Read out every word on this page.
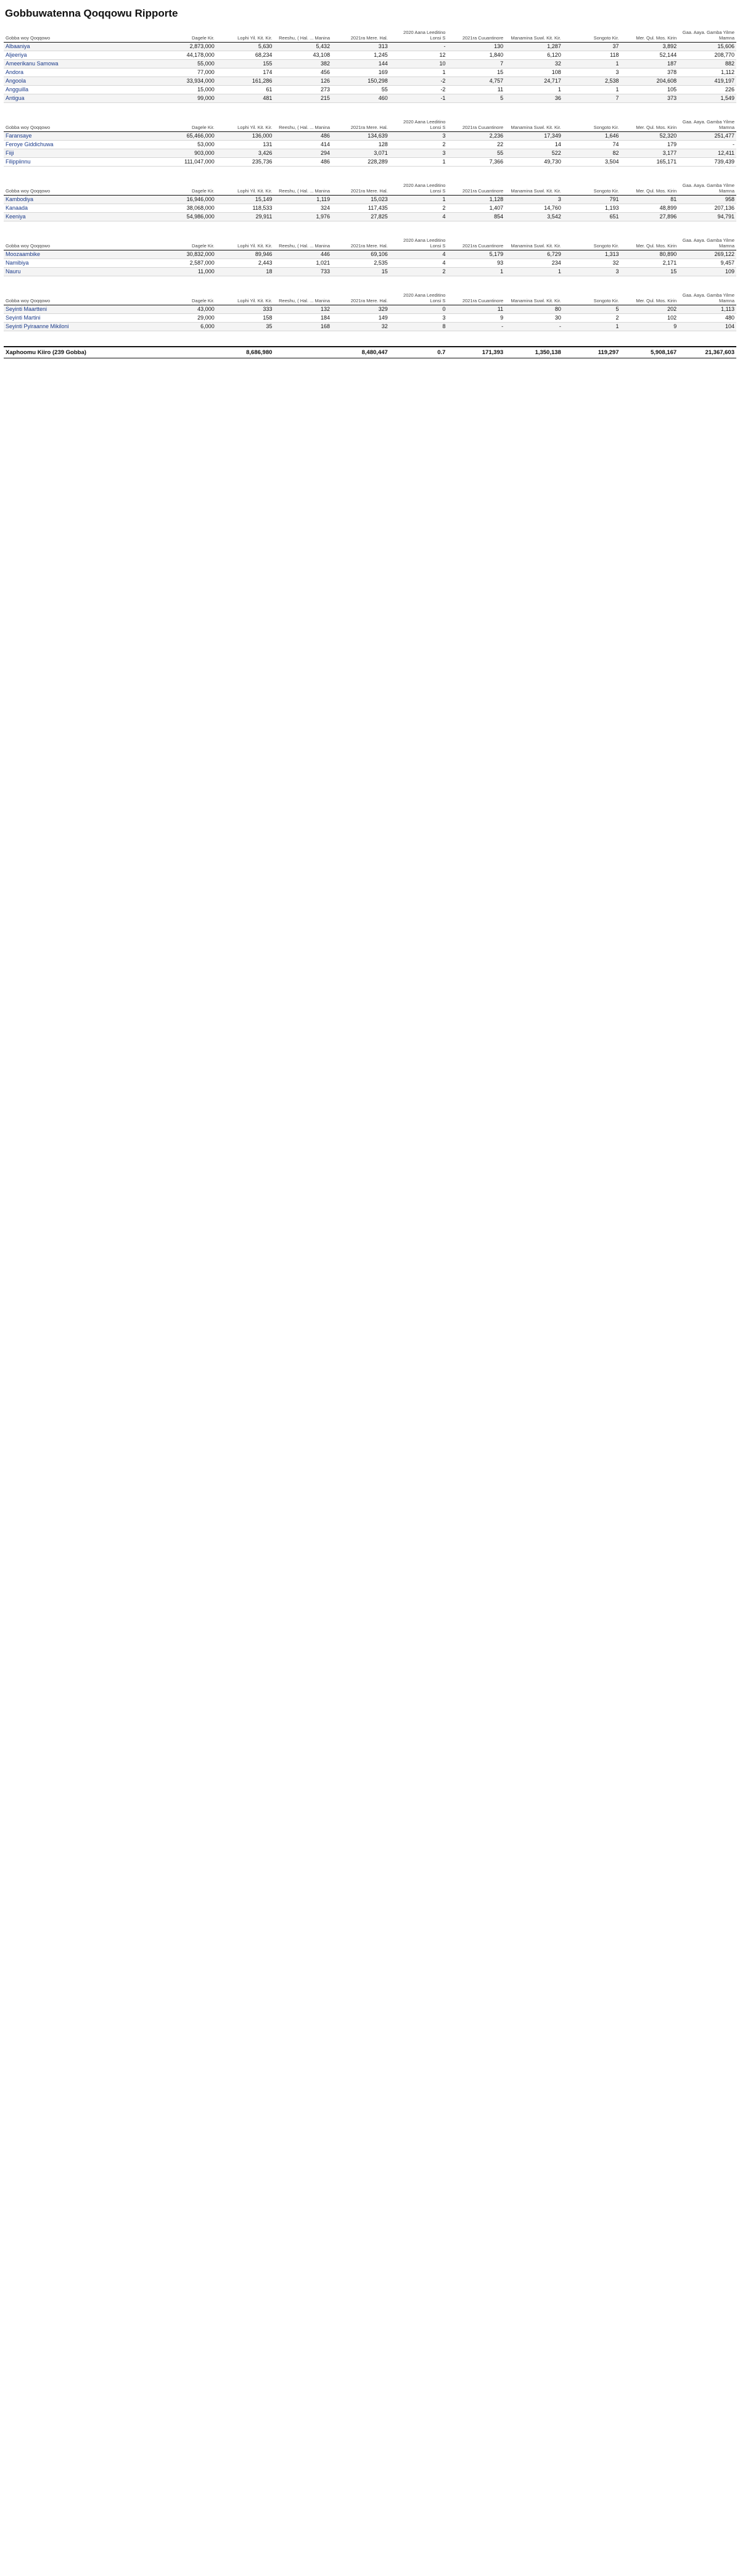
Gobbuwatenna Qoqqowu Ripporte
Gobba woy Qoqqowo	Dagele Kir.	Lophi Yil. Kit. Kir.	Reeshu, ( Hal. ... Manina	2021ra Mere. Hal.	2020 Aana Leeditino Lonsi S	2021ra Cuuantinore	Manamina Suwl. Kit. Kir.	Songoto Kir.	Mer. Qul. Mos. Kirin	Gaa. Aaya. Gamba Yilme Mamna
Albaaniya	2,873,000	5,630	5,432	313	-	130	1,287	37	3,892	15,606
Aljeeriya	44,178,000	68,234	43,108	1,245	12	1,840	6,120	118	52,144	208,770
Ameerikanu Samowa	55,000	155	382	144	10	7	32	1	187	882
Andora	77,000	174	456	169	1	15	108	3	378	1,112
Angoola	33,934,000	161,286	126	150,298	-2	4,757	24,717	2,538	204,608	419,197
Angguilla	15,000	61	273	55	-2	11	1	1	105	226
Antigua	99,000	481	215	460	-1	5	36	7	373	1,549
Gobba woy Qoqqowo	Dagele Kir.	Lophi Yil. Kit. Kir.	Reeshu, ( Hal. ... Manina	2021ra Mere. Hal.	2020 Aana Leeditino Lonsi S	2021ra Cuuantinore	Manamina Suwl. Kit. Kir.	Songoto Kir.	Mer. Qul. Mos. Kirin	Gaa. Aaya. Gamba Yilme Mamna
Faransaye	65,466,000	136,000	486	134,639	3	2,236	17,349	1,646	52,320	251,477
Feroye Giddichuwa	53,000	131	414	128	2	22	14	74	179	-
Fiiji	903,000	3,426	294	3,071	3	55	522	82	3,177	12,411
Filippiinnu	111,047,000	235,736	486	228,289	1	7,366	49,730	3,504	165,171	739,439
Gobba woy Qoqqowo	Dagele Kir.	Lophi Yil. Kit. Kir.	Reeshu, ( Hal. ... Manina	2021ra Mere. Hal.	2020 Aana Leeditino Lonsi S	2021ra Cuuantinore	Manamina Suwl. Kit. Kir.	Songoto Kir.	Mer. Qul. Mos. Kirin	Gaa. Aaya. Gamba Yilme Mamna
Kambodiya	16,946,000	15,149	1,119	15,023	1	1,128	3	791	81	958
Kanaada	38,068,000	118,533	324	117,435	2	1,407	14,760	1,193	48,899	207,136
Keeniya	54,986,000	29,911	1,976	27,825	4	854	3,542	651	27,896	94,791
Gobba woy Qoqqowo	Dagele Kir.	Lophi Yil. Kit. Kir.	Reeshu, ( Hal. ... Manina	2021ra Mere. Hal.	2020 Aana Leeditino Lonsi S	2021ra Cuuantinore	Manamina Suwl. Kit. Kir.	Songoto Kir.	Mer. Qul. Mos. Kirin	Gaa. Aaya. Gamba Yilme Mamna
Moozaambike	30,832,000	89,946	446	69,106	4	5,179	6,729	1,313	80,890	269,122
Namibiya	2,587,000	2,443	1,021	2,535	4	93	234	32	2,171	9,457
Nauru	11,000	18	733	15	2	1	1	3	15	109
Gobba woy Qoqqowo	Dagele Kir.	Lophi Yil. Kit. Kir.	Reeshu, ( Hal. ... Manina	2021ra Mere. Hal.	2020 Aana Leeditino Lonsi S	2021ra Cuuantinore	Manamina Suwl. Kit. Kir.	Songoto Kir.	Mer. Qul. Mos. Kirin	Gaa. Aaya. Gamba Yilme Mamna
Seyinti Maartteni	43,000	333	132	329	0	11	80	5	202	1,113
Seyinti Martini	29,000	158	184	149	3	9	30	2	102	480
Seyinti Pyiraanne Mikiloni	6,000	35	168	32	8	-	-	1	9	104
Xaphoomu Kiiro (239 Gobba)		8,686,980		8,480,447	0.7	171,393	1,350,138	119,297	5,908,167	21,367,603
